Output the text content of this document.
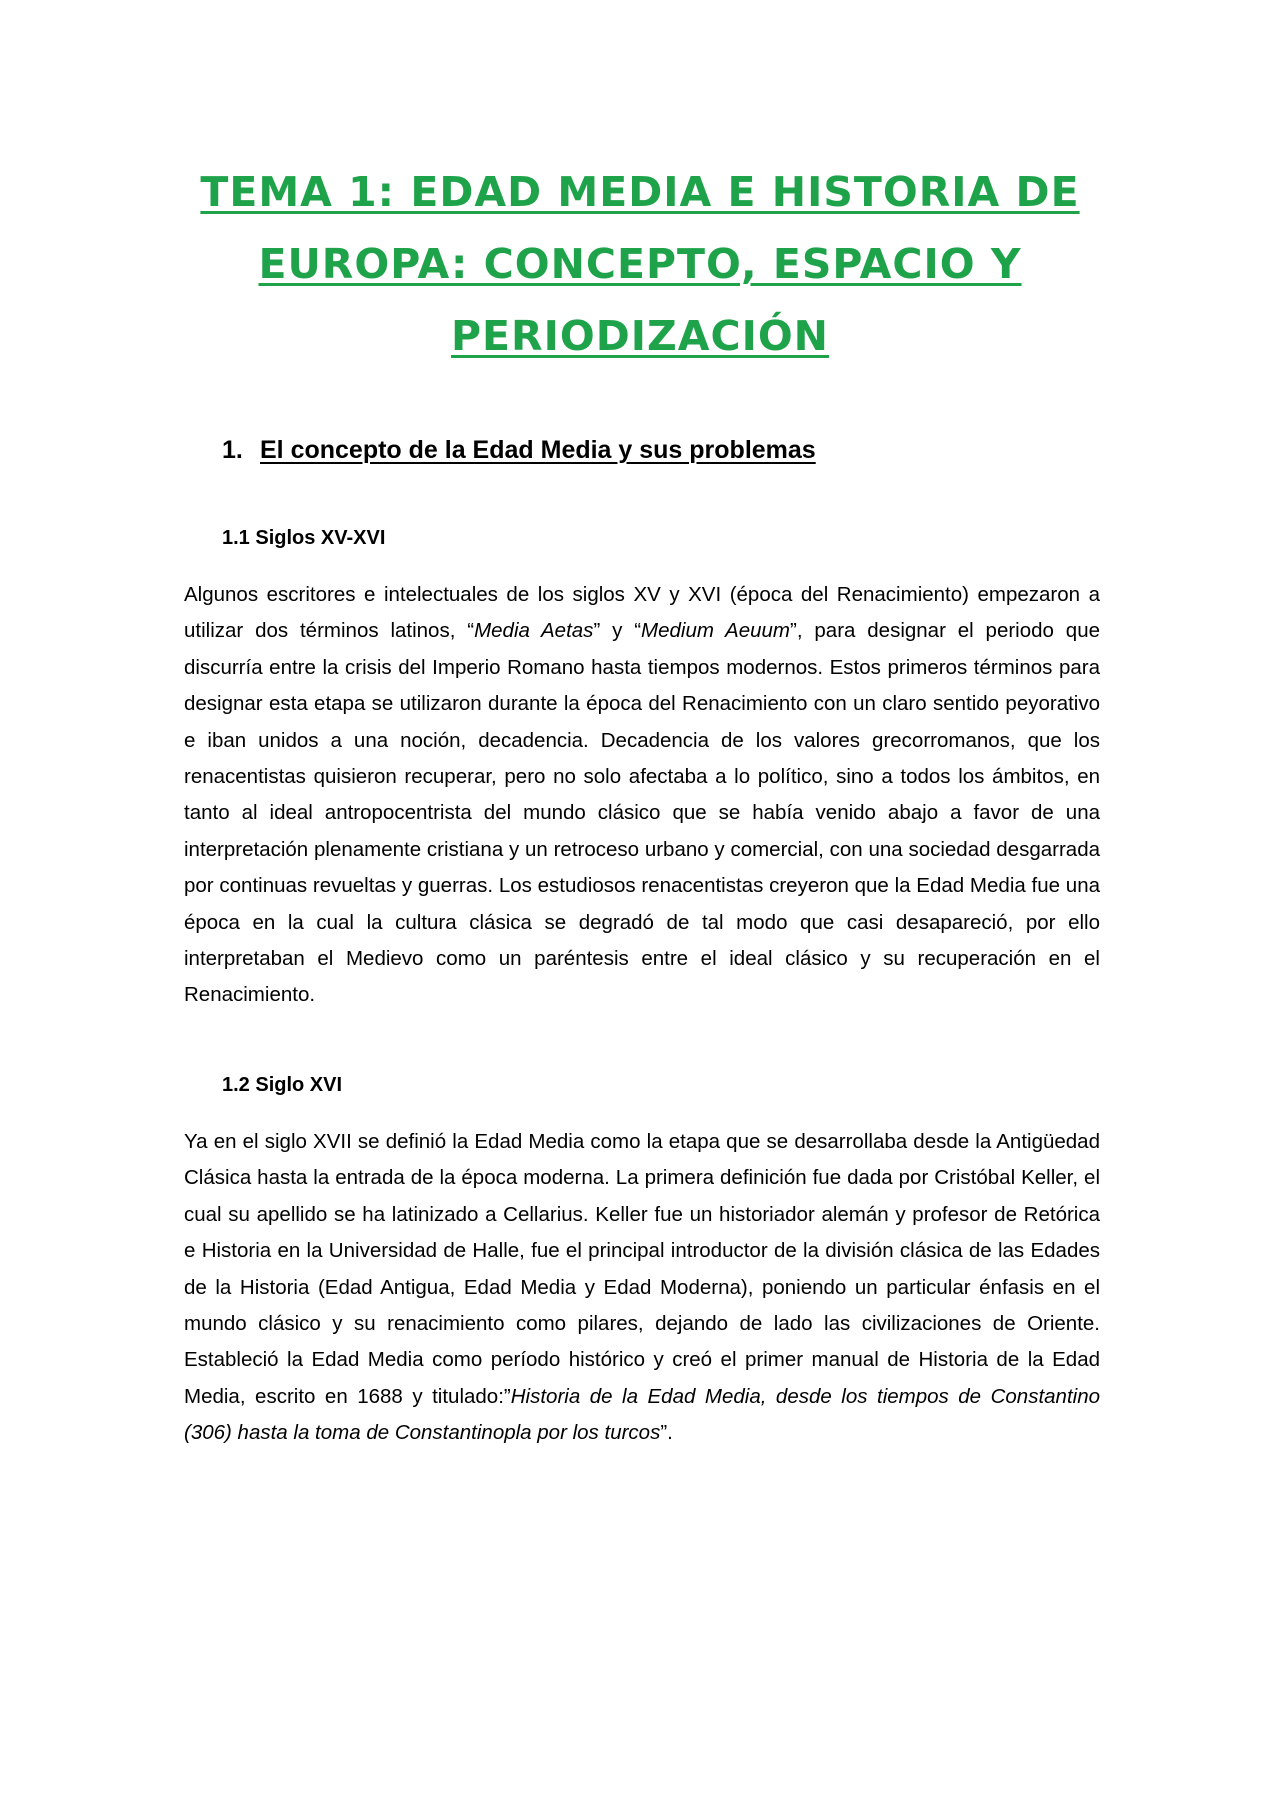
TEMA 1: EDAD MEDIA E HISTORIA DE
EUROPA: CONCEPTO, ESPACIO Y
PERIODIZACIÓN
1. El concepto de la Edad Media y sus problemas
1.1 Siglos XV-XVI

Algunos escritores e intelectuales de los siglos XV y XVI (época del Renacimiento) empezaron a utilizar dos términos latinos, “Media Aetas” y “Medium Aeuum”, para designar el periodo que discurría entre la crisis del Imperio Romano hasta tiempos modernos. Estos primeros términos para designar esta etapa se utilizaron durante la época del Renacimiento con un claro sentido peyorativo e iban unidos a una noción, decadencia. Decadencia de los valores grecorromanos, que los renacentistas quisieron recuperar, pero no solo afectaba a lo político, sino a todos los ámbitos, en tanto al ideal antropocentrista del mundo clásico que se había venido abajo a favor de una interpretación plenamente cristiana y un retroceso urbano y comercial, con una sociedad desgarrada por continuas revueltas y guerras. Los estudiosos renacentistas creyeron que la Edad Media fue una época en la cual la cultura clásica se degradó de tal modo que casi desapareció, por ello interpretaban el Medievo como un paréntesis entre el ideal clásico y su recuperación en el Renacimiento.

1.2 Siglo XVI

Ya en el siglo XVII se definió la Edad Media como la etapa que se desarrollaba desde la Antigüedad Clásica hasta la entrada de la época moderna. La primera definición fue dada por Cristóbal Keller, el cual su apellido se ha latinizado a Cellarius. Keller fue un historiador alemán y profesor de Retórica e Historia en la Universidad de Halle, fue el principal introductor de la división clásica de las Edades de la Historia (Edad Antigua, Edad Media y Edad Moderna), poniendo un particular énfasis en el mundo clásico y su renacimiento como pilares, dejando de lado las civilizaciones de Oriente. Estableció la Edad Media como período histórico y creó el primer manual de Historia de la Edad Media, escrito en 1688 y titulado:”Historia de la Edad Media, desde los tiempos de Constantino (306) hasta la toma de Constantinopla por los turcos”.
